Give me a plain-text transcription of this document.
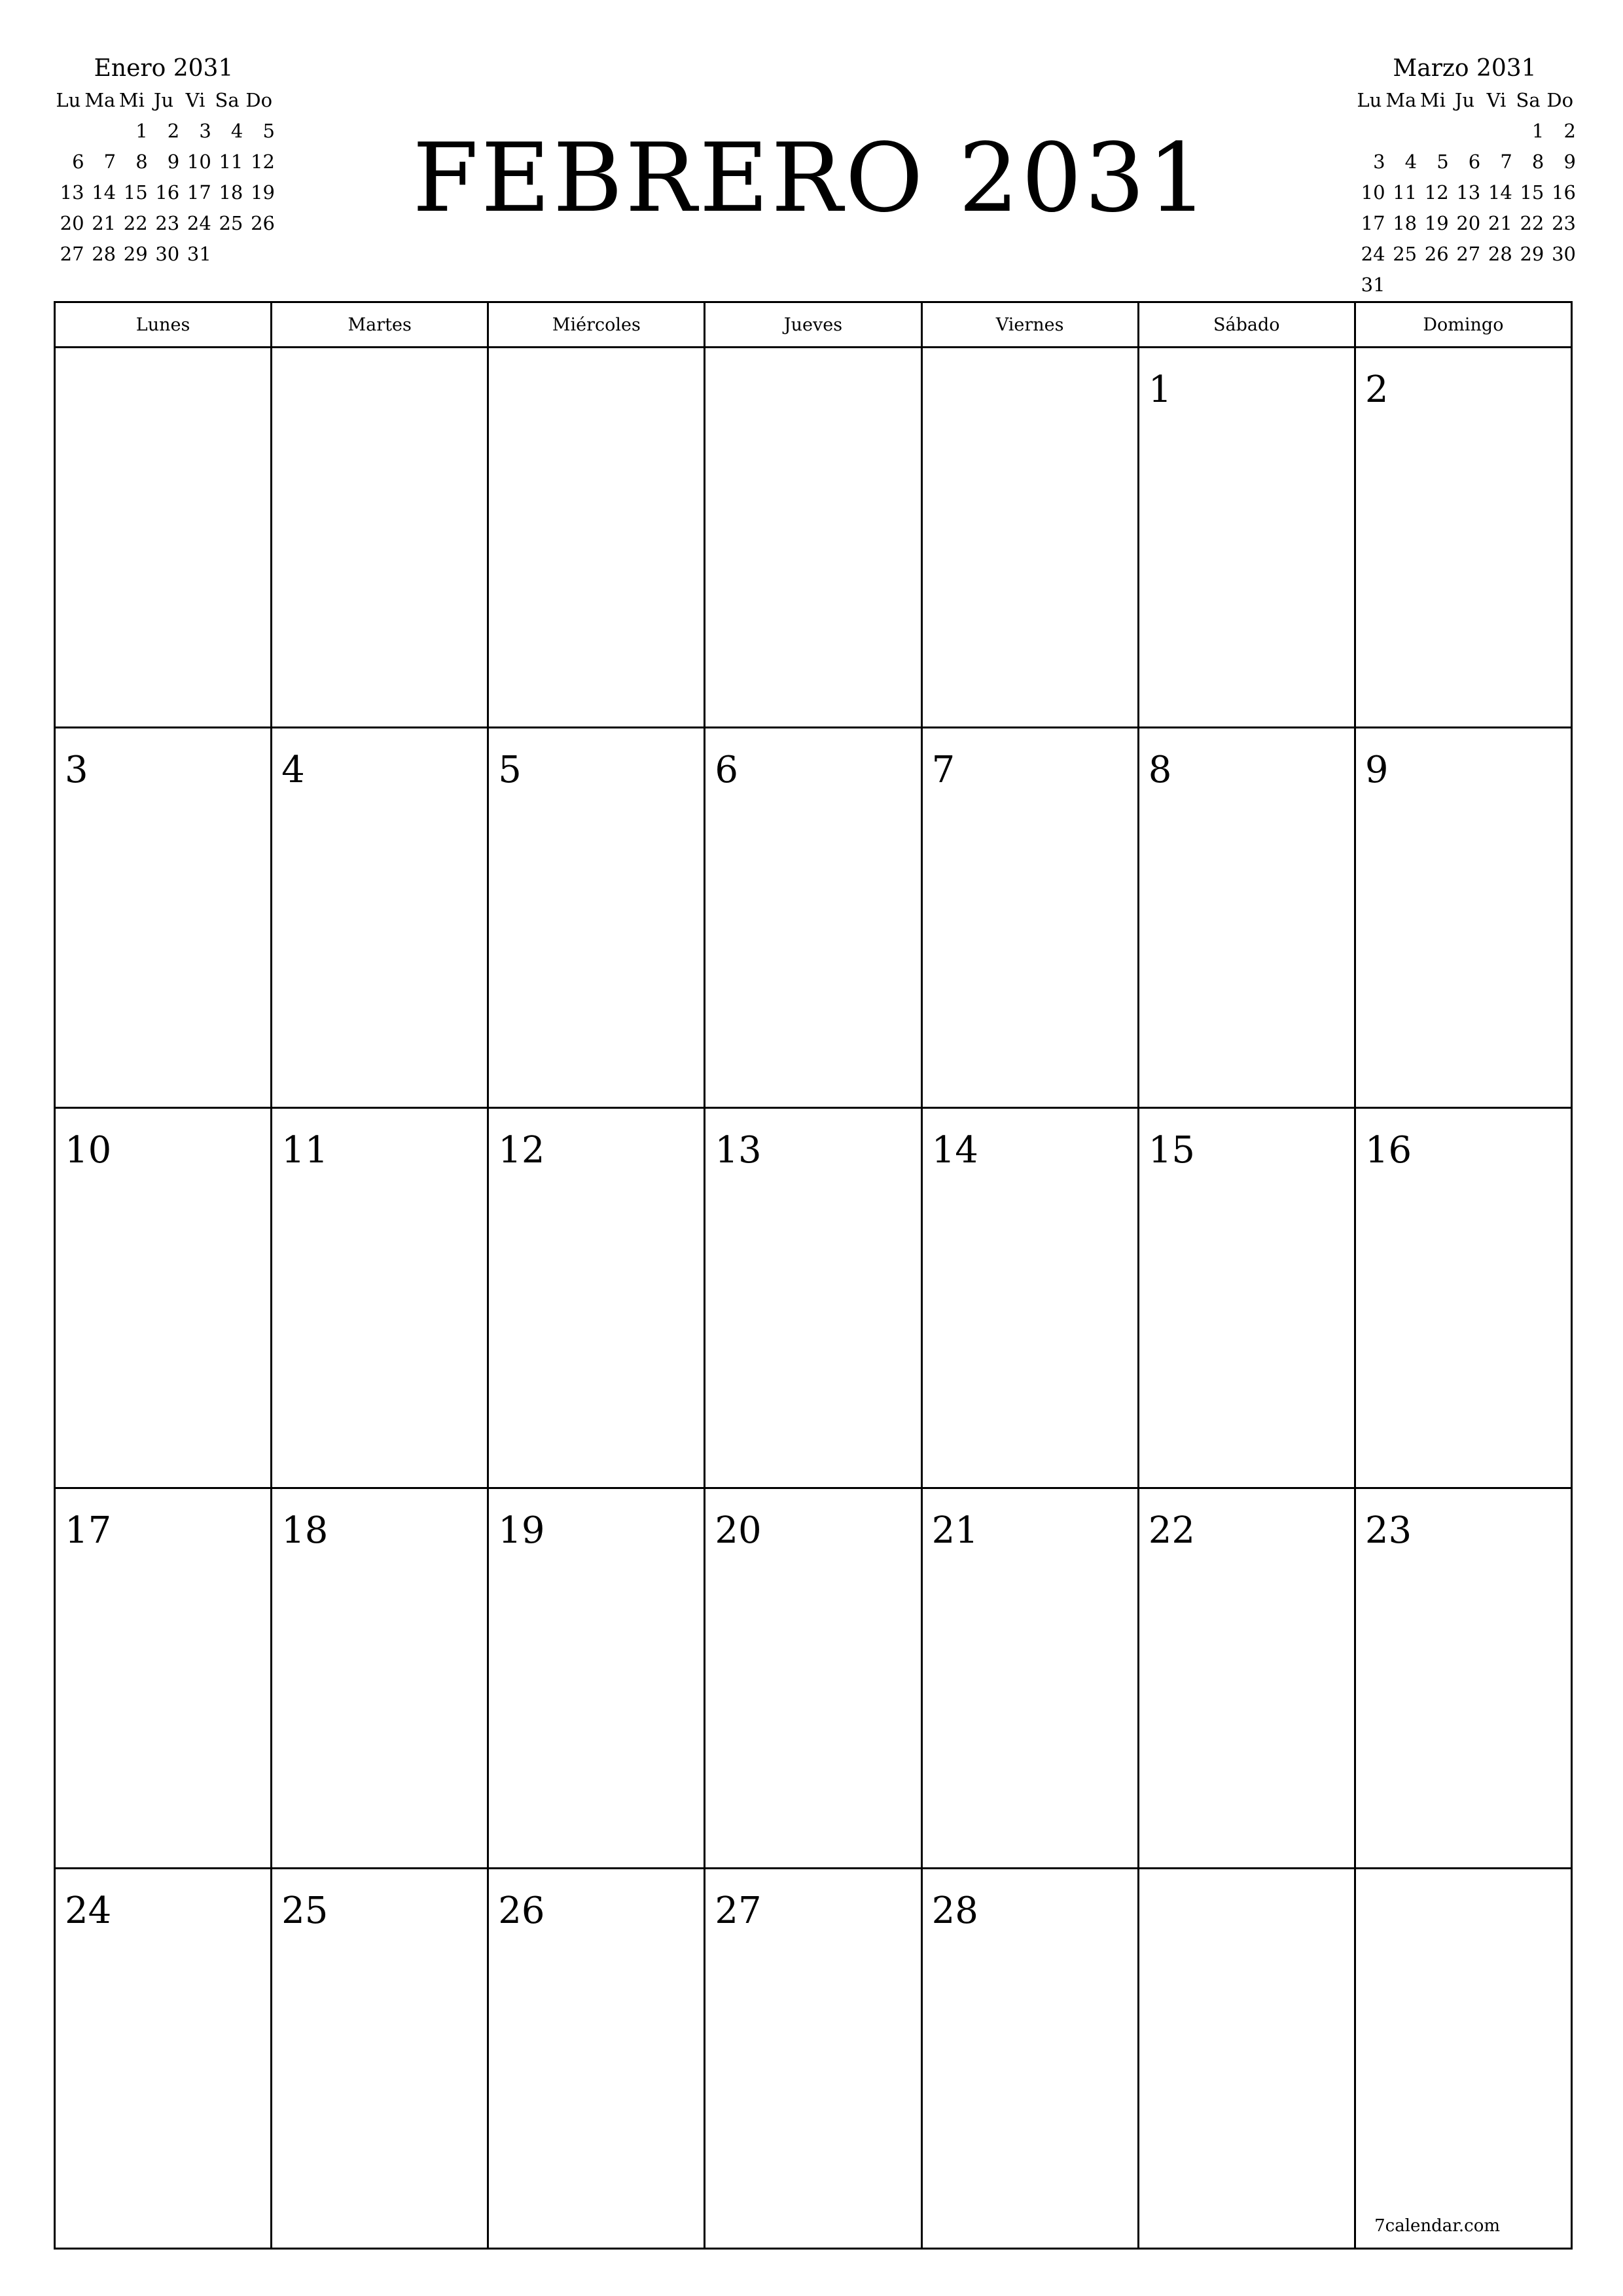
Enero 2031
Lu	Ma	Mi	Ju	Vi	Sa	Do
		1	2	3	4	5
6	7	8	9	10	11	12
13	14	15	16	17	18	19
20	21	22	23	24	25	26
27	28	29	30	31		
FEBRERO 2031
Marzo 2031
Lu	Ma	Mi	Ju	Vi	Sa	Do
					1	2
3	4	5	6	7	8	9
10	11	12	13	14	15	16
17	18	19	20	21	22	23
24	25	26	27	28	29	30
31						
Lunes	Martes	Miércoles	Jueves	Viernes	Sábado	Domingo

					1	2

3	4	5	6	7	8	9

10	11	12	13	14	15	16

17	18	19	20	21	22	23

24	25	26	27	28		7calendar.com
